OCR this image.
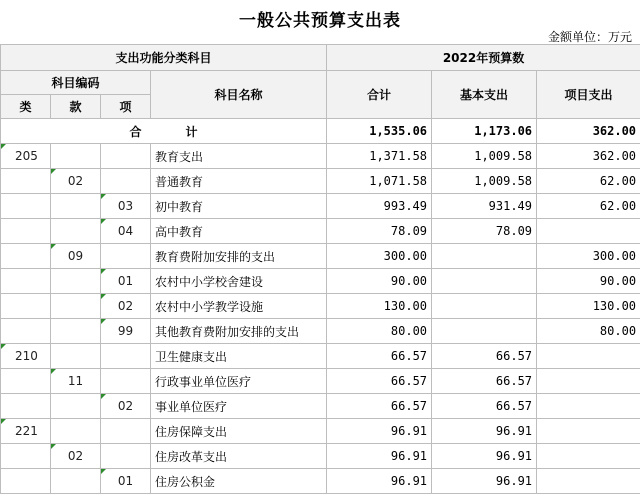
一般公共预算支出表
金额单位：万元
支出功能分类科目				2022年预算数		
科目编码			科目名称	合计	基本支出	项目支出
类	款	项				
合 计				1,535.06	1,173.06	362.00
205			教育支出	1,371.58	1,009.58	362.00
	02		普通教育	1,071.58	1,009.58	62.00
		03	初中教育	993.49	931.49	62.00
		04	高中教育	78.09	78.09	
	09		教育费附加安排的支出	300.00		300.00
		01	农村中小学校舍建设	90.00		90.00
		02	农村中小学教学设施	130.00		130.00
		99	其他教育费附加安排的支出	80.00		80.00
210			卫生健康支出	66.57	66.57	
	11		行政事业单位医疗	66.57	66.57	
		02	事业单位医疗	66.57	66.57	
221			住房保障支出	96.91	96.91	
	02		住房改革支出	96.91	96.91	
		01	住房公积金	96.91	96.91	
